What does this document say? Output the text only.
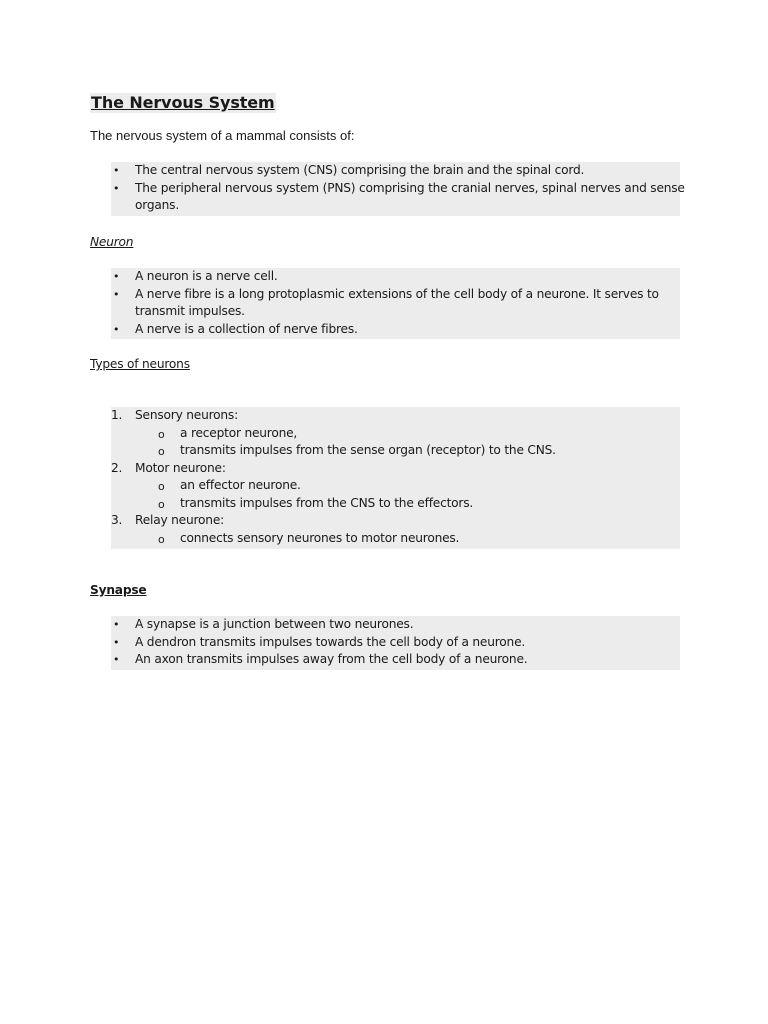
The Nervous System
The nervous system of a mammal consists of:
• The central nervous system (CNS) comprising the brain and the spinal cord.
• The peripheral nervous system (PNS) comprising the cranial nerves, spinal nerves and sense
organs.
Neuron
• A neuron is a nerve cell.
• A nerve fibre is a long protoplasmic extensions of the cell body of a neurone. It serves to
transmit impulses.
• A nerve is a collection of nerve fibres.
Types of neurons
1. Sensory neurons:
o a receptor neurone,
o transmits impulses from the sense organ (receptor) to the CNS.
2. Motor neurone:
o an effector neurone.
o transmits impulses from the CNS to the effectors.
3. Relay neurone:
o connects sensory neurones to motor neurones.
Synapse
• A synapse is a junction between two neurones.
• A dendron transmits impulses towards the cell body of a neurone.
• An axon transmits impulses away from the cell body of a neurone.
